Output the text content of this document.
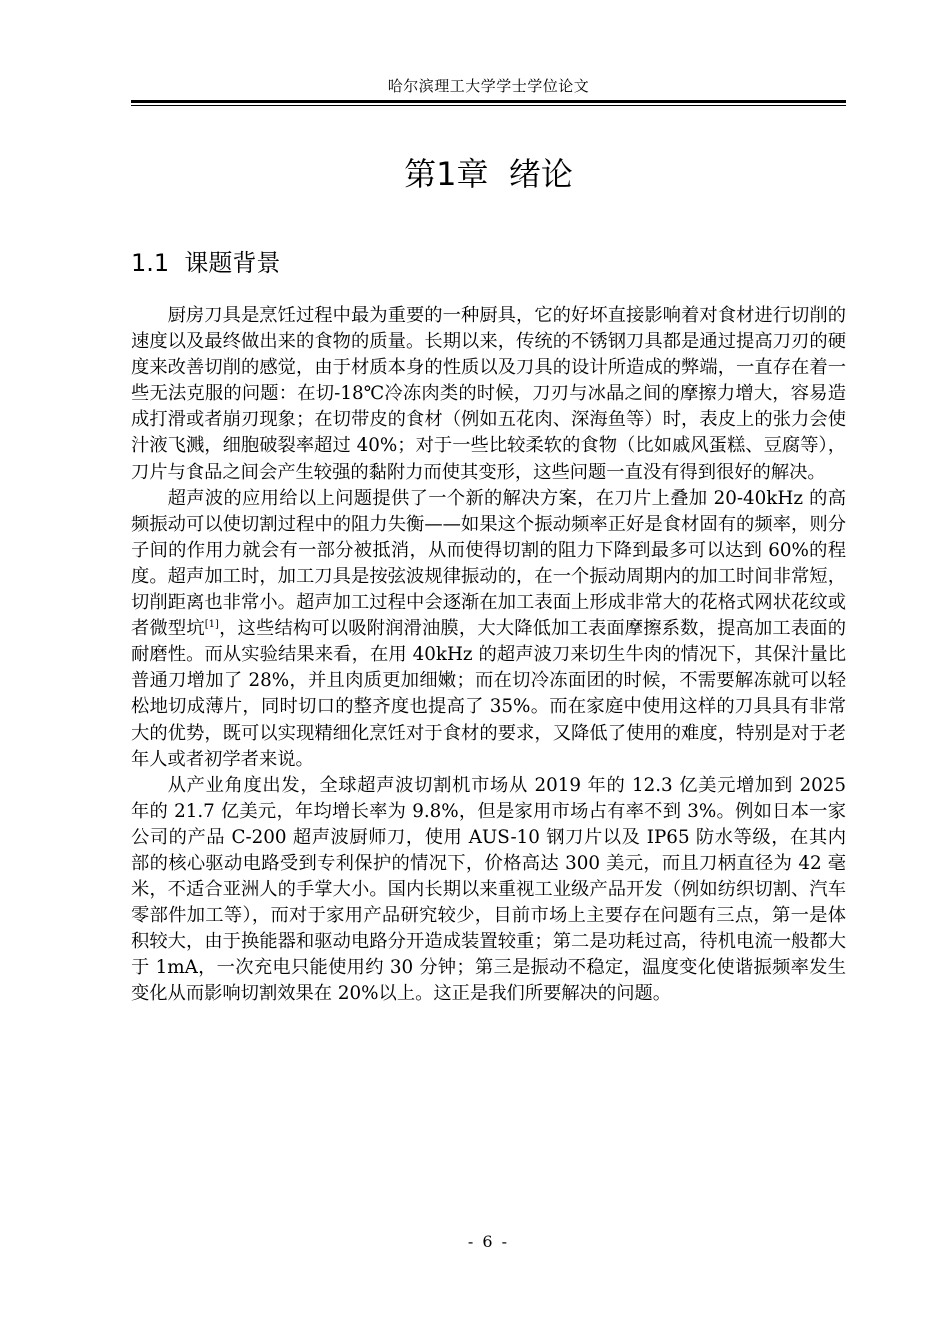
哈尔滨理工大学学士学位论文
第1章  绪论
1.1  课题背景

厨房刀具是烹饪过程中最为重要的一种厨具，它的好坏直接影响着对食材进行切削的速度以及最终做出来的食物的质量。长期以来，传统的不锈钢刀具都是通过提高刀刃的硬度来改善切削的感觉，由于材质本身的性质以及刀具的设计所造成的弊端，一直存在着一些无法克服的问题：在切-18℃冷冻肉类的时候，刀刃与冰晶之间的摩擦力增大，容易造成打滑或者崩刃现象；在切带皮的食材（例如五花肉、深海鱼等）时，表皮上的张力会使汁液飞溅，细胞破裂率超过 40%；对于一些比较柔软的食物（比如戚风蛋糕、豆腐等），刀片与食品之间会产生较强的黏附力而使其变形，这些问题一直没有得到很好的解决。

超声波的应用给以上问题提供了一个新的解决方案，在刀片上叠加 20-40kHz 的高频振动可以使切割过程中的阻力失衡——如果这个振动频率正好是食材固有的频率，则分子间的作用力就会有一部分被抵消，从而使得切割的阻力下降到最多可以达到 60%的程度。超声加工时，加工刀具是按弦波规律振动的，在一个振动周期内的加工时间非常短，切削距离也非常小。超声加工过程中会逐渐在加工表面上形成非常大的花格式网状花纹或者微型坑[1]，这些结构可以吸附润滑油膜，大大降低加工表面摩擦系数，提高加工表面的耐磨性。而从实验结果来看，在用 40kHz 的超声波刀来切生牛肉的情况下，其保汁量比普通刀增加了 28%，并且肉质更加细嫩；而在切冷冻面团的时候，不需要解冻就可以轻松地切成薄片，同时切口的整齐度也提高了 35%。而在家庭中使用这样的刀具具有非常大的优势，既可以实现精细化烹饪对于食材的要求，又降低了使用的难度，特别是对于老年人或者初学者来说。

从产业角度出发，全球超声波切割机市场从 2019 年的 12.3 亿美元增加到 2025 年的 21.7 亿美元，年均增长率为 9.8%，但是家用市场占有率不到 3%。例如日本一家公司的产品 C-200 超声波厨师刀，使用 AUS-10 钢刀片以及 IP65 防水等级，在其内部的核心驱动电路受到专利保护的情况下，价格高达 300 美元，而且刀柄直径为 42 毫米，不适合亚洲人的手掌大小。国内长期以来重视工业级产品开发（例如纺织切割、汽车零部件加工等），而对于家用产品研究较少，目前市场上主要存在问题有三点，第一是体积较大，由于换能器和驱动电路分开造成装置较重；第二是功耗过高，待机电流一般都大于 1mA，一次充电只能使用约 30 分钟；第三是振动不稳定，温度变化使谐振频率发生变化从而影响切割效果在 20%以上。这正是我们所要解决的问题。

- 6 -
